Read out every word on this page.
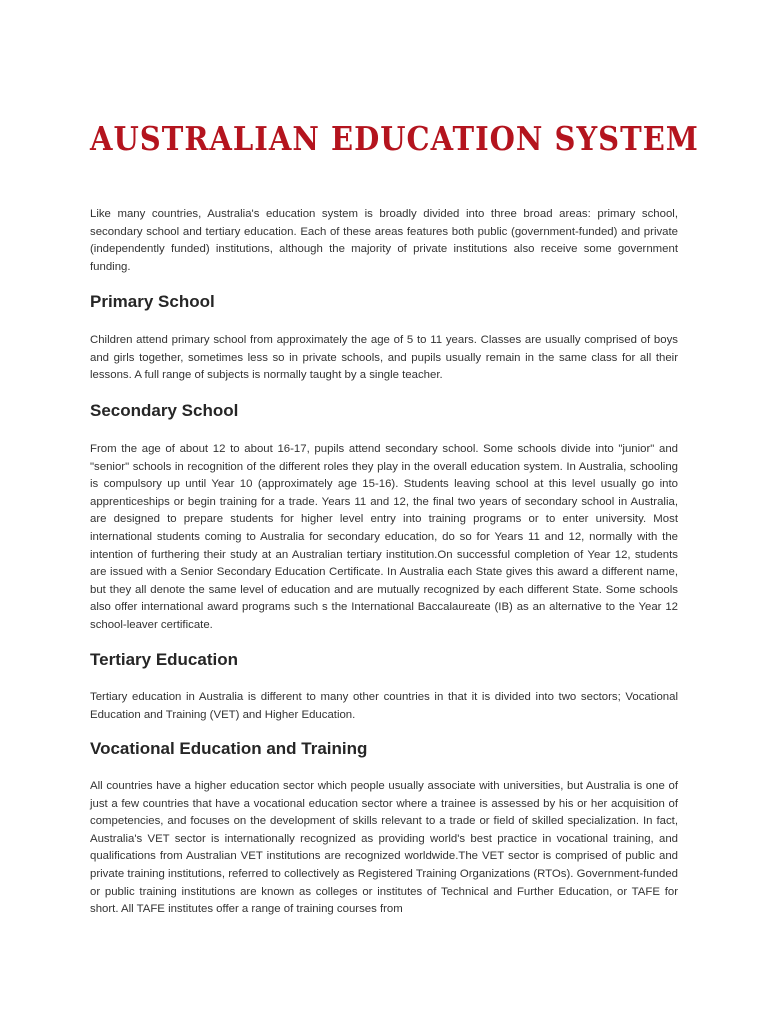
AUSTRALIAN EDUCATION SYSTEM

Like many countries, Australia's education system is broadly divided into three broad areas: primary school, secondary school and tertiary education. Each of these areas features both public (government-funded) and private (independently funded) institutions, although the majority of private institutions also receive some government funding.

Primary School

Children attend primary school from approximately the age of 5 to 11 years. Classes are usually comprised of boys and girls together, sometimes less so in private schools, and pupils usually remain in the same class for all their lessons. A full range of subjects is normally taught by a single teacher.

Secondary School

From the age of about 12 to about 16-17, pupils attend secondary school. Some schools divide into "junior" and "senior" schools in recognition of the different roles they play in the overall education system. In Australia, schooling is compulsory up until Year 10 (approximately age 15-16). Students leaving school at this level usually go into apprenticeships or begin training for a trade. Years 11 and 12, the final two years of secondary school in Australia, are designed to prepare students for higher level entry into training programs or to enter university. Most international students coming to Australia for secondary education, do so for Years 11 and 12, normally with the intention of furthering their study at an Australian tertiary institution.On successful completion of Year 12, students are issued with a Senior Secondary Education Certificate. In Australia each State gives this award a different name, but they all denote the same level of education and are mutually recognized by each different State. Some schools also offer international award programs such s the International Baccalaureate (IB) as an alternative to the Year 12 school-leaver certificate.

Tertiary Education

Tertiary education in Australia is different to many other countries in that it is divided into two sectors; Vocational Education and Training (VET) and Higher Education.

Vocational Education and Training

All countries have a higher education sector which people usually associate with universities, but Australia is one of just a few countries that have a vocational education sector where a trainee is assessed by his or her acquisition of competencies, and focuses on the development of skills relevant to a trade or field of skilled specialization. In fact, Australia's VET sector is internationally recognized as providing world's best practice in vocational training, and qualifications from Australian VET institutions are recognized worldwide.The VET sector is comprised of public and private training institutions, referred to collectively as Registered Training Organizations (RTOs). Government-funded or public training institutions are known as colleges or institutes of Technical and Further Education, or TAFE for short. All TAFE institutes offer a range of training courses from
